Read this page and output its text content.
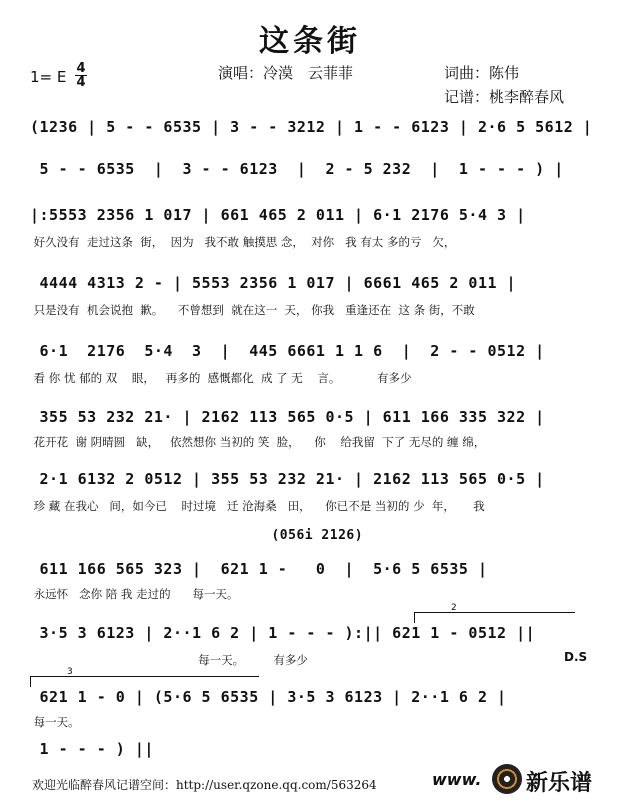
这条街
演唱：冷漠　云菲菲	词曲：陈伟
记谱：桃李醉春风
1= E 4
4
(1236 | 5 - - 6535 | 3 - - 3212 | 1 - - 6123 | 2·6 5 5612 |
5 - - 6535  |  3 - - 6123  |  2 - 5 232  |  1 - - - ) |
|:5553 2356 1 017 | 661 465 2 011 | 6·1 2176 5·4 3 |
好久没有  走过这条  街，  因为   我不敢 触摸思 念，  对你   我 有太 多的亏   欠，
4444 4313 2 - | 5553 2356 1 017 | 6661 465 2 011 |
只是没有  机会说抱  歉。    不曾想到  就在这一  天， 你我   重逢还在  这 条 街，不敢
6·1  2176  5·4  3  |  445 6661 1 1 6  |  2 - - 0512 |
看 你 忧 郁的 双    眼，   再多的  感慨都化  成 了 无    言。          有多少
355 53 232 21· | 2162 113 565 0·5 | 611 166 335 322 |
花开花  谢 阴晴圆   缺，   依然想你 当初的 笑  脸，    你    给我留  下了 无尽的 缠 绵，
2·1 6132 2 0512 | 355 53 232 21· | 2162 113 565 0·5 |
珍 藏 在我心   间，如今已    时过境   迁 沧海桑   田，    你已不是 当初的 少  年，     我
(056i 2126)
611 166 565 323 |  621 1 -   0  |  5·6 5 6535 |
永远怀   念你 陪 我 走过的      每一天。
2
3·5 3 6123 | 2··1 6 2 | 1 - - - ):|| 621 1 - 0512 ||
每一天。        有多少	D.S
3
621 1 - 0 | (5·6 5 6535 | 3·5 3 6123 | 2··1 6 2 |
每一天。
1 - - - ) ||
欢迎光临醉春风记谱空间：http://user.qzone.qq.com/563264	www. 新乐谱
